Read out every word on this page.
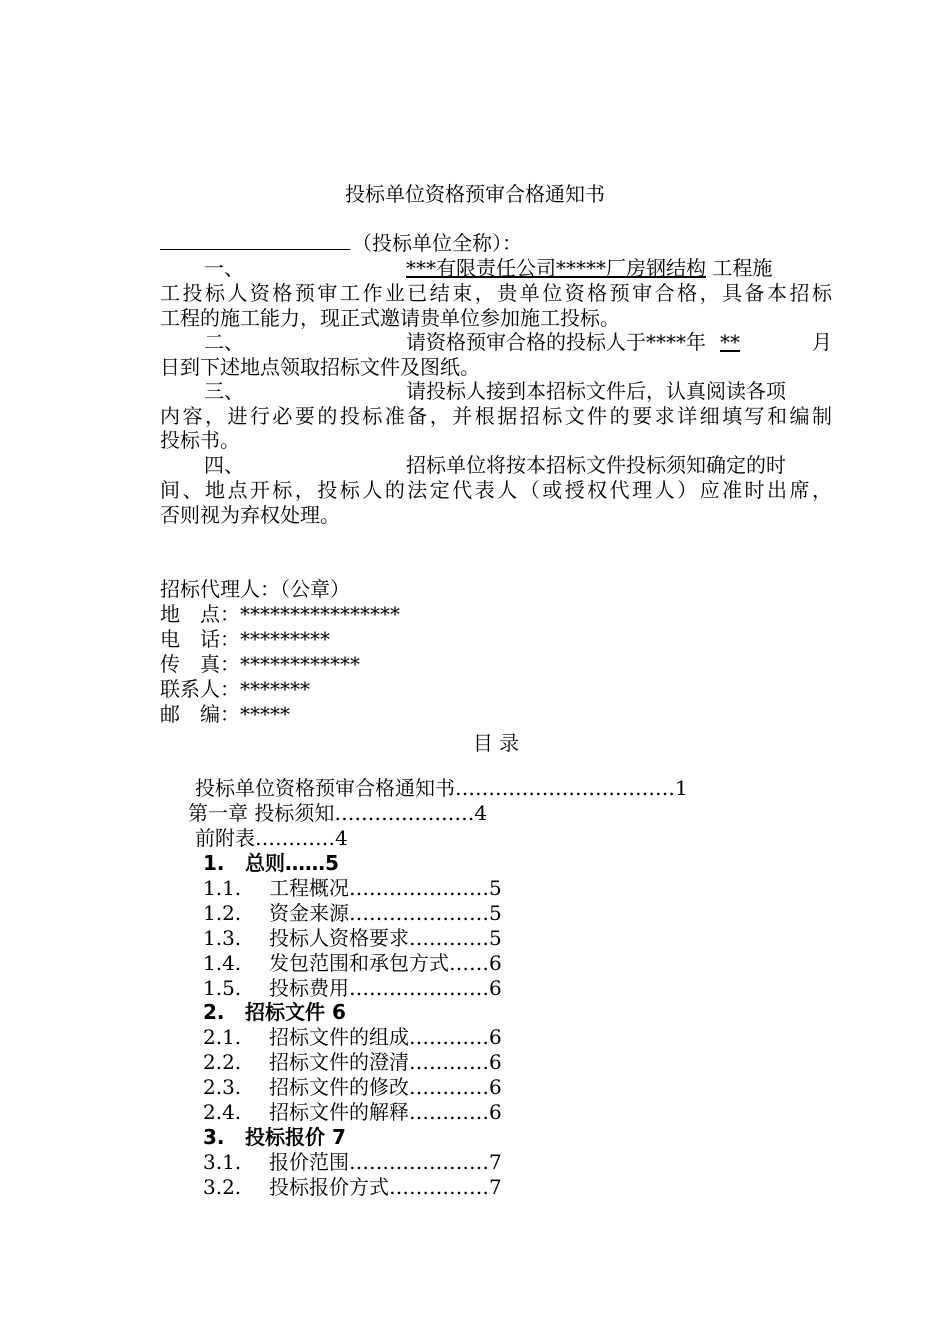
投标单位资格预审合格通知书
（投标单位全称）：
一、	***有限责任公司*****厂房钢结构 工程施
工投标人资格预审工作业已结束，贵单位资格预审合格，具备本招标
工程的施工能力，现正式邀请贵单位参加施工投标。
二、	请资格预审合格的投标人于****年 **	月
日到下述地点领取招标文件及图纸。
三、	请投标人接到本招标文件后，认真阅读各项
内容，进行必要的投标准备，并根据招标文件的要求详细填写和编制
投标书。
四、	招标单位将按本招标文件投标须知确定的时
间、地点开标，投标人的法定代表人（或授权代理人）应准时出席，
否则视为弃权处理。
招标代理人：（公章）
地　点：****************
电　话：*********
传　真：************
联系人：*******
邮　编：*****
目 录
投标单位资格预审合格通知书……………………………1
第一章 投标须知…………………4
前附表…………4
1. 总则……5
1.1. 工程概况…………………5
1.2. 资金来源…………………5
1.3. 投标人资格要求…………5
1.4. 发包范围和承包方式……6
1.5. 投标费用…………………6
2. 招标文件 6
2.1. 招标文件的组成…………6
2.2. 招标文件的澄清…………6
2.3. 招标文件的修改…………6
2.4. 招标文件的解释…………6
3. 投标报价 7
3.1. 报价范围…………………7
3.2. 投标报价方式……………7
